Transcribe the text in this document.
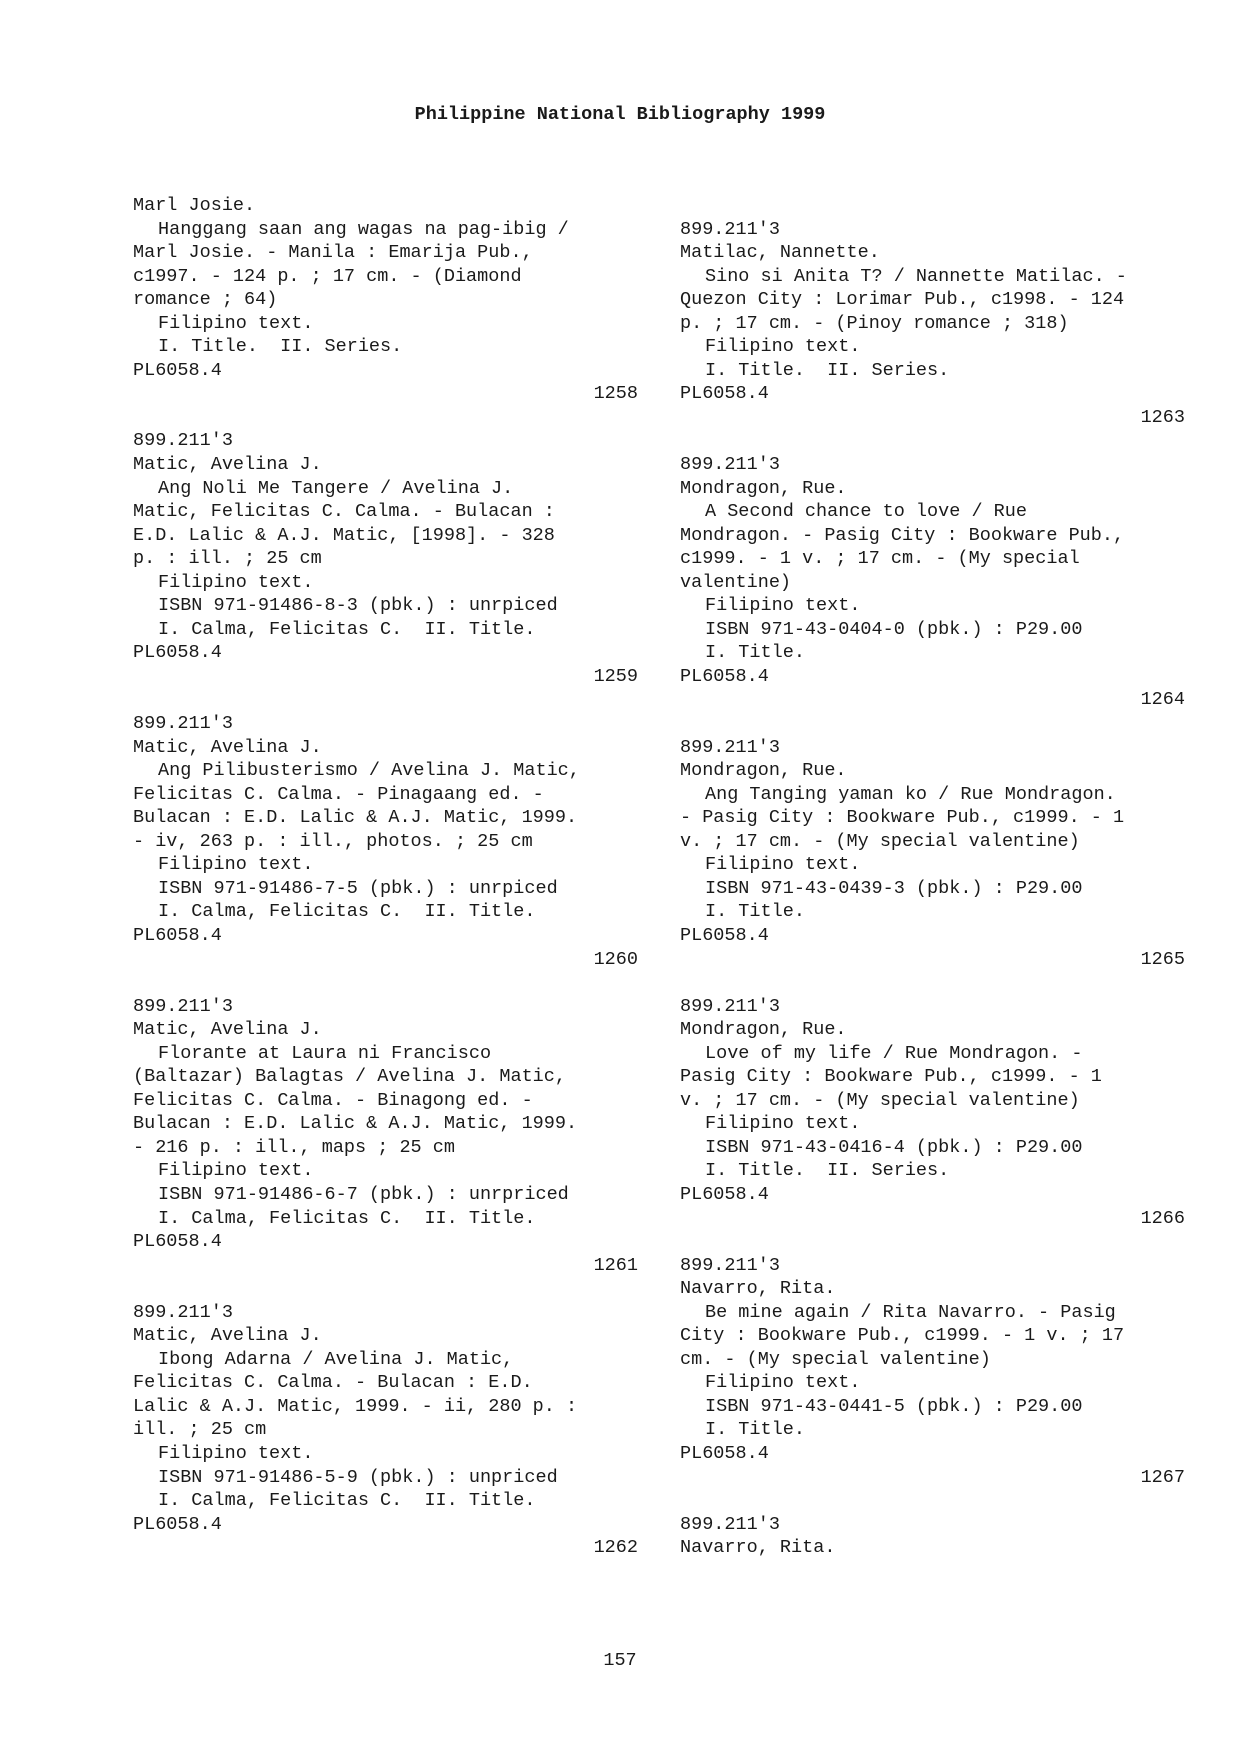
Philippine National Bibliography 1999
Marl Josie.
Hanggang saan ang wagas na pag-ibig /
Marl Josie. - Manila : Emarija Pub.,
c1997. - 124 p. ; 17 cm. - (Diamond
romance ; 64)
Filipino text.
I. Title.  II. Series.
PL6058.4
1258
899.211'3
Matic, Avelina J.
Ang Noli Me Tangere / Avelina J.
Matic, Felicitas C. Calma. - Bulacan :
E.D. Lalic & A.J. Matic, [1998]. - 328
p. : ill. ; 25 cm
Filipino text.
ISBN 971-91486-8-3 (pbk.) : unrpiced
I. Calma, Felicitas C.  II. Title.
PL6058.4
1259
899.211'3
Matic, Avelina J.
Ang Pilibusterismo / Avelina J. Matic,
Felicitas C. Calma. - Pinagaang ed. -
Bulacan : E.D. Lalic & A.J. Matic, 1999.
- iv, 263 p. : ill., photos. ; 25 cm
Filipino text.
ISBN 971-91486-7-5 (pbk.) : unrpiced
I. Calma, Felicitas C.  II. Title.
PL6058.4
1260
899.211'3
Matic, Avelina J.
Florante at Laura ni Francisco
(Baltazar) Balagtas / Avelina J. Matic,
Felicitas C. Calma. - Binagong ed. -
Bulacan : E.D. Lalic & A.J. Matic, 1999.
- 216 p. : ill., maps ; 25 cm
Filipino text.
ISBN 971-91486-6-7 (pbk.) : unrpriced
I. Calma, Felicitas C.  II. Title.
PL6058.4
1261
899.211'3
Matic, Avelina J.
Ibong Adarna / Avelina J. Matic,
Felicitas C. Calma. - Bulacan : E.D.
Lalic & A.J. Matic, 1999. - ii, 280 p. :
ill. ; 25 cm
Filipino text.
ISBN 971-91486-5-9 (pbk.) : unpriced
I. Calma, Felicitas C.  II. Title.
PL6058.4
1262
899.211'3
Matilac, Nannette.
Sino si Anita T? / Nannette Matilac. -
Quezon City : Lorimar Pub., c1998. - 124
p. ; 17 cm. - (Pinoy romance ; 318)
Filipino text.
I. Title.  II. Series.
PL6058.4
1263
899.211'3
Mondragon, Rue.
A Second chance to love / Rue
Mondragon. - Pasig City : Bookware Pub.,
c1999. - 1 v. ; 17 cm. - (My special
valentine)
Filipino text.
ISBN 971-43-0404-0 (pbk.) : P29.00
I. Title.
PL6058.4
1264
899.211'3
Mondragon, Rue.
Ang Tanging yaman ko / Rue Mondragon.
- Pasig City : Bookware Pub., c1999. - 1
v. ; 17 cm. - (My special valentine)
Filipino text.
ISBN 971-43-0439-3 (pbk.) : P29.00
I. Title.
PL6058.4
1265
899.211'3
Mondragon, Rue.
Love of my life / Rue Mondragon. -
Pasig City : Bookware Pub., c1999. - 1
v. ; 17 cm. - (My special valentine)
Filipino text.
ISBN 971-43-0416-4 (pbk.) : P29.00
I. Title.  II. Series.
PL6058.4
1266
899.211'3
Navarro, Rita.
Be mine again / Rita Navarro. - Pasig
City : Bookware Pub., c1999. - 1 v. ; 17
cm. - (My special valentine)
Filipino text.
ISBN 971-43-0441-5 (pbk.) : P29.00
I. Title.
PL6058.4
1267
899.211'3
Navarro, Rita.
157
